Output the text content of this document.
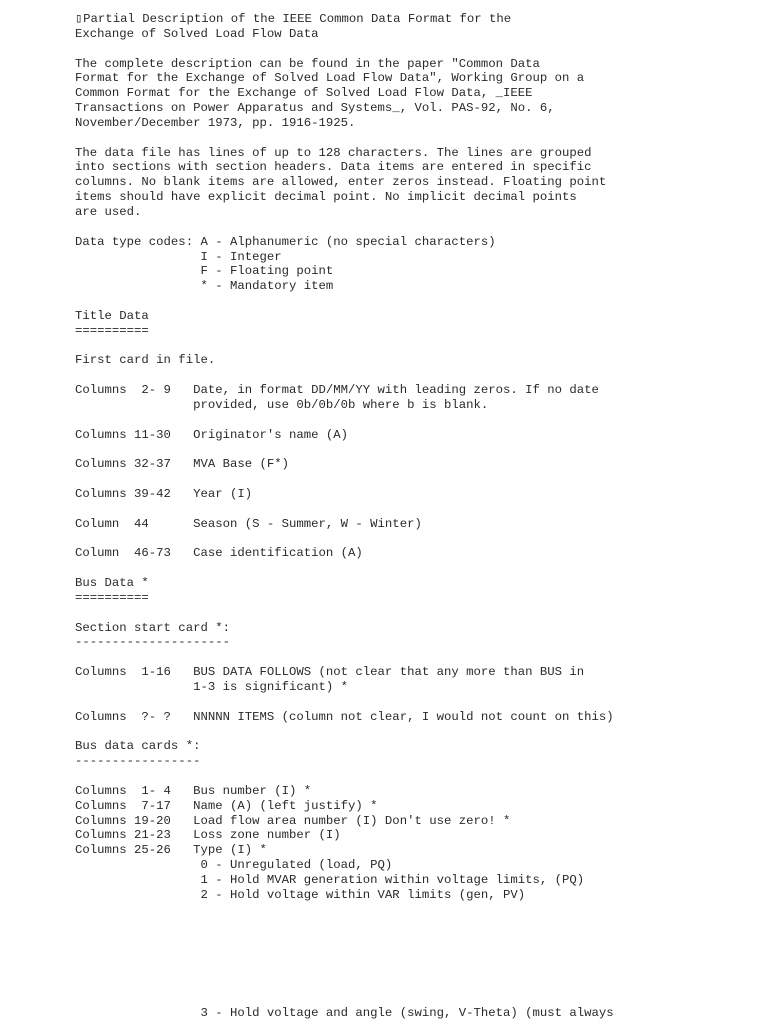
▯ Partial Description of the IEEE Common Data Format for the
Exchange of Solved Load Flow Data
The complete description can be found in the paper "Common Data
Format for the Exchange of Solved Load Flow Data", Working Group on a
Common Format for the Exchange of Solved Load Flow Data, _IEEE
Transactions on Power Apparatus and Systems_, Vol. PAS-92, No. 6,
November/December 1973, pp. 1916-1925.
The data file has lines of up to 128 characters. The lines are grouped
into sections with section headers. Data items are entered in specific
columns. No blank items are allowed, enter zeros instead. Floating point
items should have explicit decimal point. No implicit decimal points
are used.
Data type codes: A - Alphanumeric (no special characters)
I - Integer
F - Floating point
* - Mandatory item
Title Data
==========
First card in file.
Columns  2- 9   Date, in format DD/MM/YY with leading zeros. If no date
provided, use 0b/0b/0b where b is blank.
Columns 11-30   Originator's name (A)
Columns 32-37   MVA Base (F*)
Columns 39-42   Year (I)
Column  44      Season (S - Summer, W - Winter)
Column  46-73   Case identification (A)
Bus Data *
==========
Section start card *:
---------------------
Columns  1-16   BUS DATA FOLLOWS (not clear that any more than BUS in
1-3 is significant) *
Columns  ?- ?   NNNNN ITEMS (column not clear, I would not count on this)
Bus data cards *:
-----------------
Columns  1- 4   Bus number (I) *
Columns  7-17   Name (A) (left justify) *
Columns 19-20   Load flow area number (I) Don't use zero! *
Columns 21-23   Loss zone number (I)
Columns 25-26   Type (I) *
0 - Unregulated (load, PQ)
1 - Hold MVAR generation within voltage limits, (PQ)
2 - Hold voltage within VAR limits (gen, PV)
3 - Hold voltage and angle (swing, V-Theta) (must always
